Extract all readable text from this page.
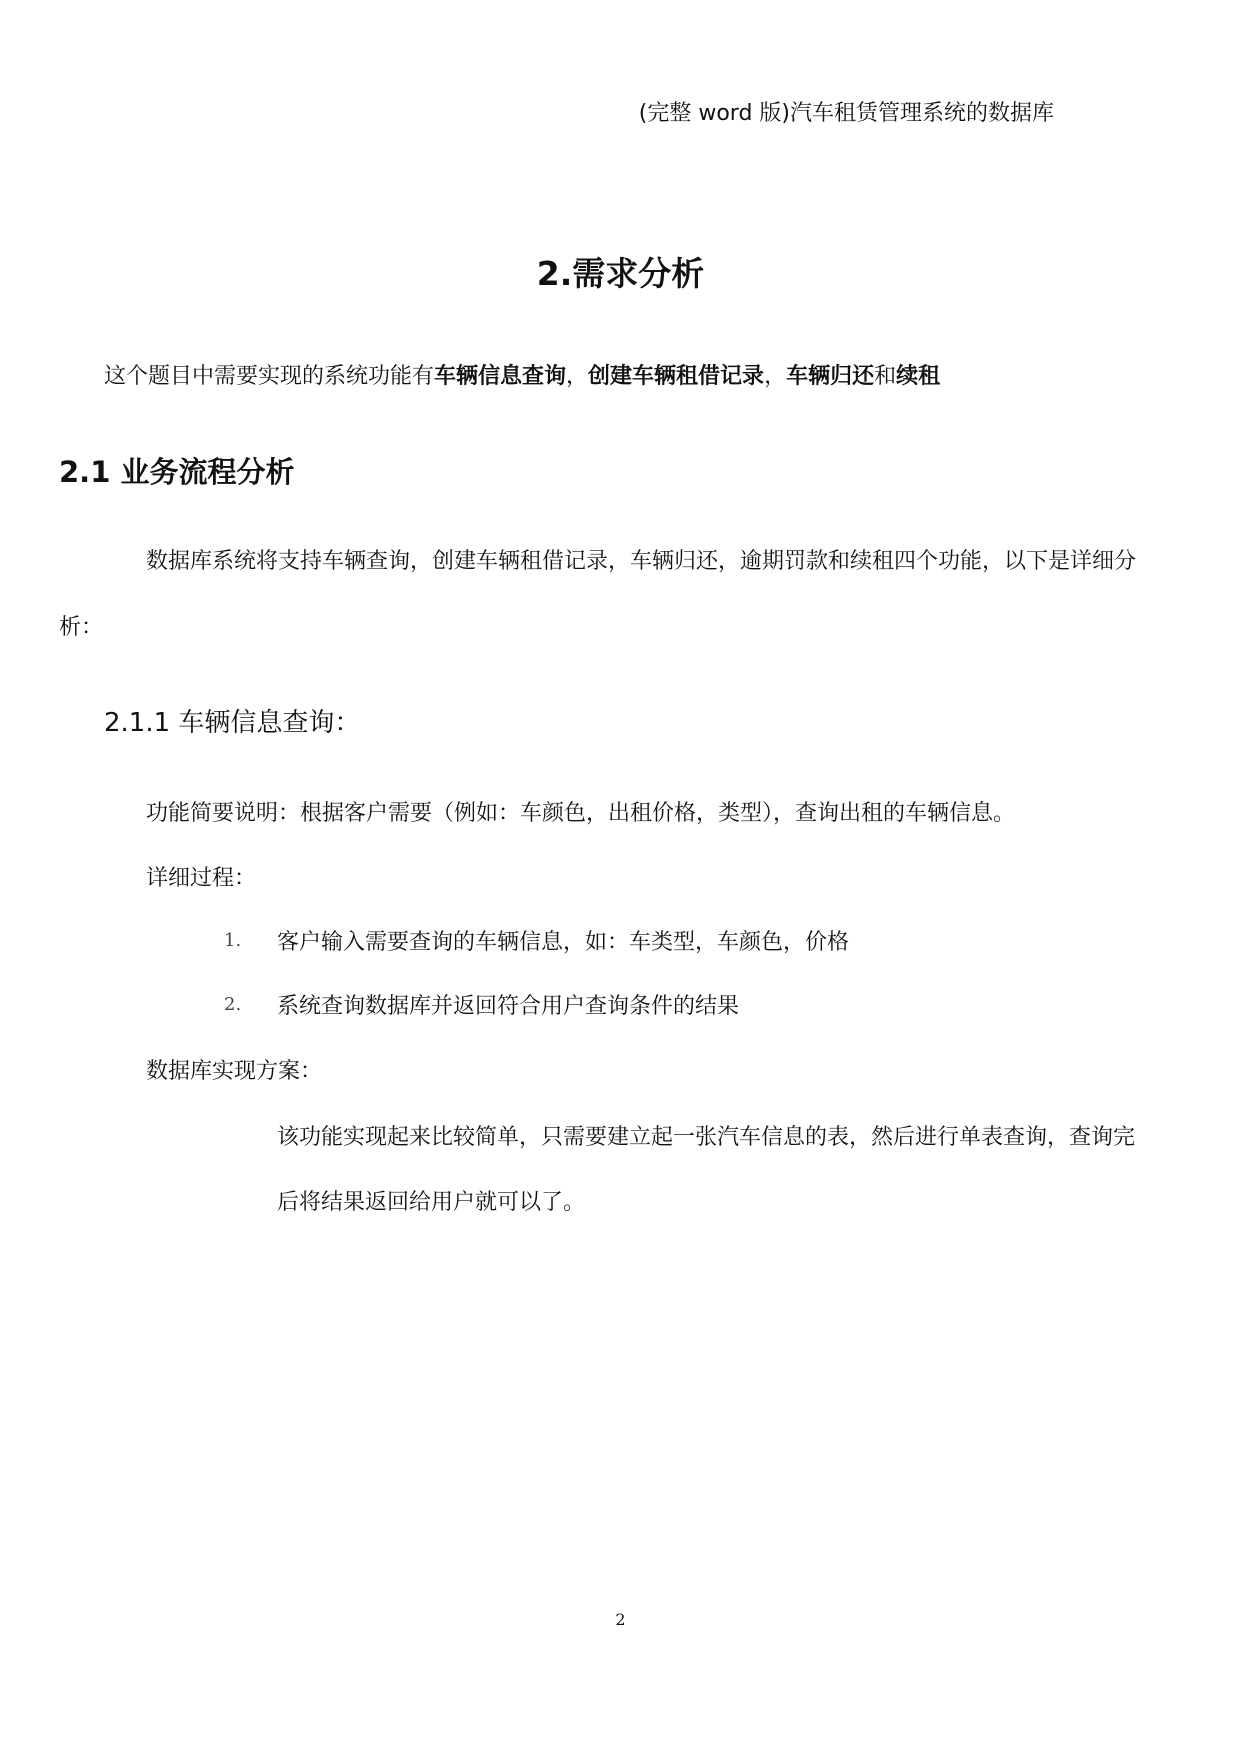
(完整 word 版)汽车租赁管理系统的数据库
2.需求分析
这个题目中需要实现的系统功能有车辆信息查询，创建车辆租借记录，车辆归还和续租
2.1 业务流程分析
数据库系统将支持车辆查询，创建车辆租借记录，车辆归还，逾期罚款和续租四个功能，以下是详细分
析：
2.1.1 车辆信息查询：
功能简要说明：根据客户需要（例如：车颜色，出租价格，类型），查询出租的车辆信息。
详细过程：
1. 客户输入需要查询的车辆信息，如：车类型，车颜色，价格
2. 系统查询数据库并返回符合用户查询条件的结果
数据库实现方案：
该功能实现起来比较简单，只需要建立起一张汽车信息的表，然后进行单表查询，查询完
后将结果返回给用户就可以了。
2
